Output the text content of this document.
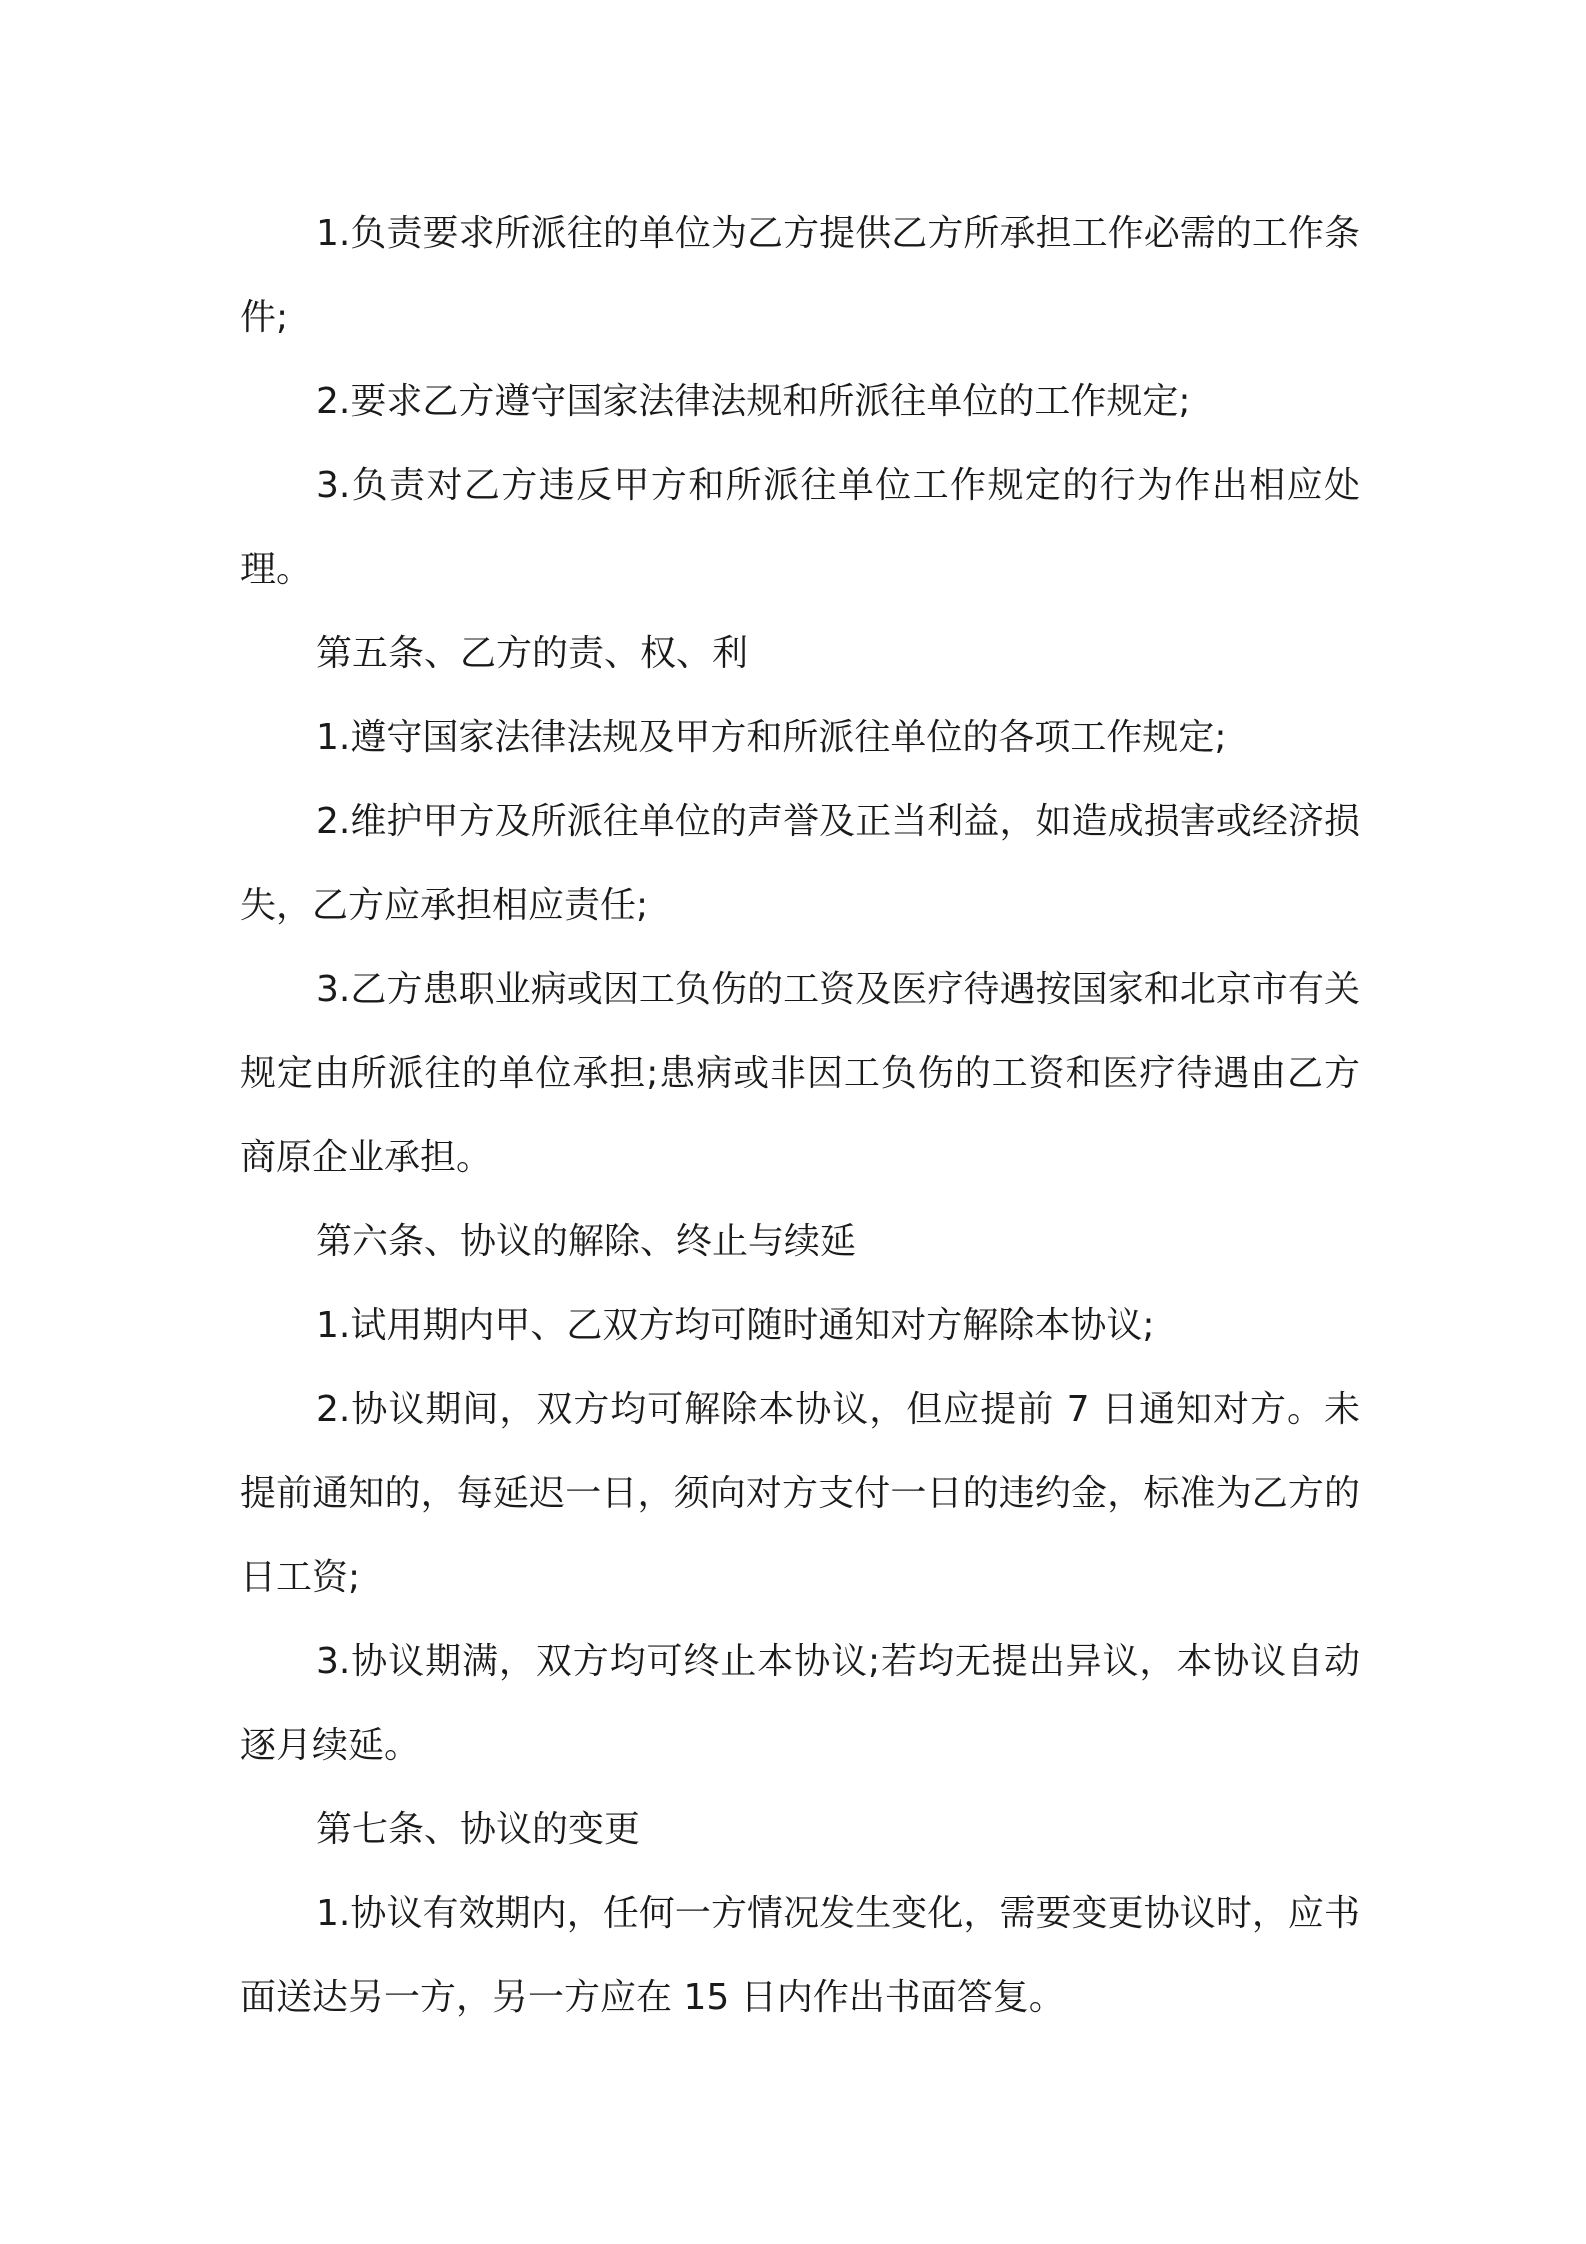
1.负责要求所派往的单位为乙方提供乙方所承担工作必需的工作条件;

2.要求乙方遵守国家法律法规和所派往单位的工作规定;

3.负责对乙方违反甲方和所派往单位工作规定的行为作出相应处理。

第五条、乙方的责、权、利

1.遵守国家法律法规及甲方和所派往单位的各项工作规定;

2.维护甲方及所派往单位的声誉及正当利益，如造成损害或经济损失，乙方应承担相应责任;

3.乙方患职业病或因工负伤的工资及医疗待遇按国家和北京市有关规定由所派往的单位承担;患病或非因工负伤的工资和医疗待遇由乙方商原企业承担。

第六条、协议的解除、终止与续延

1.试用期内甲、乙双方均可随时通知对方解除本协议;

2.协议期间，双方均可解除本协议，但应提前 7 日通知对方。未提前通知的，每延迟一日，须向对方支付一日的违约金，标准为乙方的日工资;

3.协议期满，双方均可终止本协议;若均无提出异议，本协议自动逐月续延。

第七条、协议的变更

1.协议有效期内，任何一方情况发生变化，需要变更协议时，应书面送达另一方，另一方应在 15 日内作出书面答复。
